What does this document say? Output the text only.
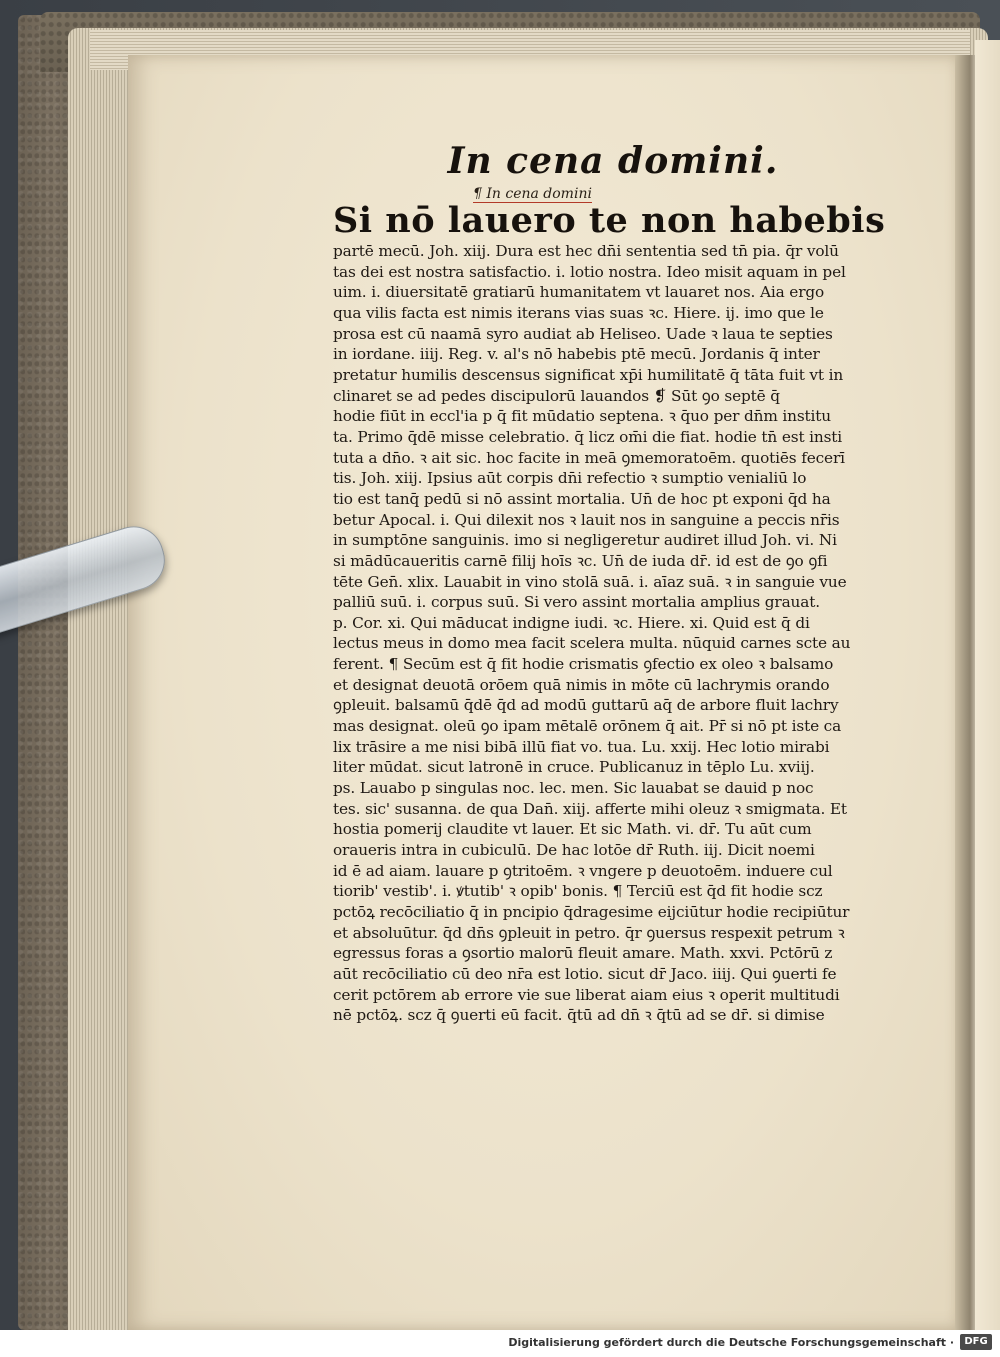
In cena domini.
¶ In cena domini
Si nō lauero te non habebis
partē mecū. Joh. xiij. Dura est hec dn̄i sententia sed tn̄ pia. q̄r volū
tas dei est nostra satisfactio. i. lotio nostra. Ideo misit aquam in pel
uim. i. diuersitatē gratiarū humanitatem vt lauaret nos. Aia ergo
qua vilis facta est nimis iterans vias suas ꝛc. Hiere. ij. imo que le
prosa est cū naamā syro audiat ab Heliseo. Uade ꝛ laua te septies
in iordane. iiij. Reg. v. al's nō habebis ptē mecū. Jordanis q̄ inter
pretatur humilis descensus significat xp̄i humilitatē q̄ tāta fuit vt in
clinaret se ad pedes discipulorū lauandos ❡ Sūt ꝯo septē q̄
hodie fiūt in eccl'ia p q̄ fit mūdatio septena. ꝛ q̄uo per dn̄m institu
ta. Primo q̄dē misse celebratio. q̄ licz om̄i die fiat. hodie tn̄ est insti
tuta a dn̄o. ꝛ ait sic. hoc facite in meā ꝯmemoratoēm. quotiēs fecerī
tis. Joh. xiij. Ipsius aūt corpis dn̄i refectio ꝛ sumptio venialiū lo
tio est tanq̄ pedū si nō assint mortalia. Un̄ de hoc pt exponi q̄d ha
betur Apocal. i. Qui dilexit nos ꝛ lauit nos in sanguine a peccis nr̄is
in sumptōne sanguinis. imo si negligeretur audiret illud Joh. vi. Ni
si mādūcaueritis carnē filij hoīs ꝛc. Un̄ de iuda dr̄. id est de ꝯo ꝯfi
tēte Gen̄. xlix. Lauabit in vino stolā suā. i. aīaz suā. ꝛ in sanguie vue
palliū suū. i. corpus suū. Si vero assint mortalia amplius grauat.
p. Cor. xi. Qui māducat indigne iudi. ꝛc. Hiere. xi. Quid est q̄ di
lectus meus in domo mea facit scelera multa. nūquid carnes scte au
ferent. ¶ Secūm est q̄ fit hodie crismatis ꝯfectio ex oleo ꝛ balsamo
et designat deuotā orōem quā nimis in mōte cū lachrymis orando
ꝯpleuit. balsamū q̄dē q̄d ad modū guttarū aq̄ de arbore fluit lachry
mas designat. oleū ꝯo ipam mētalē orōnem q̄ ait. Pr̄ si nō pt iste ca
lix trāsire a me nisi bibā illū fiat vo. tua. Lu. xxij. Hec lotio mirabi
liter mūdat. sicut latronē in cruce. Publicanuz in tēplo Lu. xviij.
ps. Lauabo p singulas noc. lec. men. Sic lauabat se dauid p noc
tes. sic' susanna. de qua Dan̄. xiij. afferte mihi oleuz ꝛ smigmata. Et
hostia pomerij claudite vt lauer. Et sic Math. vi. dr̄. Tu aūt cum
oraueris intra in cubiculū. De hac lotōe dr̄ Ruth. iij. Dicit noemi
id ē ad aiam. lauare p ꝯtritoēm. ꝛ vngere p deuotoēm. induere cul
tiorib' vestib'. i. ꝟtutib' ꝛ opib' bonis. ¶ Terciū est q̄d fit hodie scz
pctōꝝ recōciliatio q̄ in pncipio q̄dragesime eijciūtur hodie recipiūtur
et absoluūtur. q̄d dn̄s ꝯpleuit in petro. q̄r ꝯuersus respexit petrum ꝛ
egressus foras a ꝯsortio malorū fleuit amare. Math. xxvi. Pctōrū z
aūt recōciliatio cū deo nr̄a est lotio. sicut dr̄ Jaco. iiij. Qui ꝯuerti fe
cerit pctōrem ab errore vie sue liberat aiam eius ꝛ operit multitudi
nē pctōꝝ. scz q̄ ꝯuerti eū facit. q̄tū ad dn̄ ꝛ q̄tū ad se dr̄. si dimise
Digitalisierung gefördert durch die Deutsche Forschungsgemeinschaft ·	DFG
